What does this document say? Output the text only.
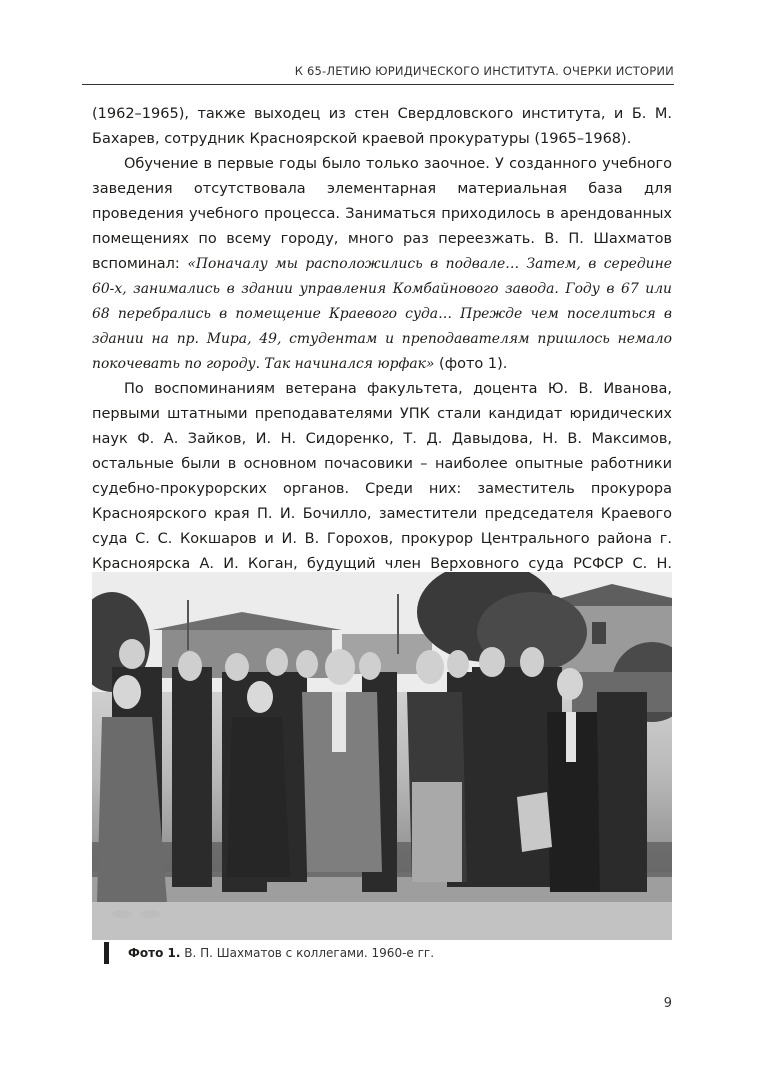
К 65-ЛЕТИЮ ЮРИДИЧЕСКОГО ИНСТИТУТА. ОЧЕРКИ ИСТОРИИ

(1962–1965), также выходец из стен Свердловского института, и Б. М. Бахарев, сотрудник Красноярской краевой прокуратуры (1965–1968).

Обучение в первые годы было только заочное. У созданного учебного заведения отсутствовала элементарная материальная база для проведения учебного процесса. Заниматься приходилось в арендованных помещениях по всему городу, много раз переезжать. В. П. Шахматов вспоминал: «Поначалу мы расположились в подвале… Затем, в середине 60-х, занимались в здании управления Комбайнового завода. Году в 67 или 68 перебрались в помещение Краевого суда… Прежде чем поселиться в здании на пр. Мира, 49, студентам и преподавателям пришлось немало покочевать по городу. Так начинался юрфак» (фото 1).

По воспоминаниям ветерана факультета, доцента Ю. В. Иванова, первыми штатными преподавателями УПК стали кандидат юридических наук Ф. А. Зайков, И. Н. Сидоренко, Т. Д. Давыдова, Н. В. Максимов, остальные были в основном почасовики – наиболее опытные работники судебно-прокурорских органов. Среди них: заместитель прокурора Красноярского края П. И. Бочилло, заместители председателя Краевого суда С. С. Кокшаров и И. В. Горохов, прокурор Центрального района г. Красноярска А. И. Коган, будущий член Верховного суда РСФСР С. Н.

Фото 1. В. П. Шахматов с коллегами. 1960-е гг.
9
